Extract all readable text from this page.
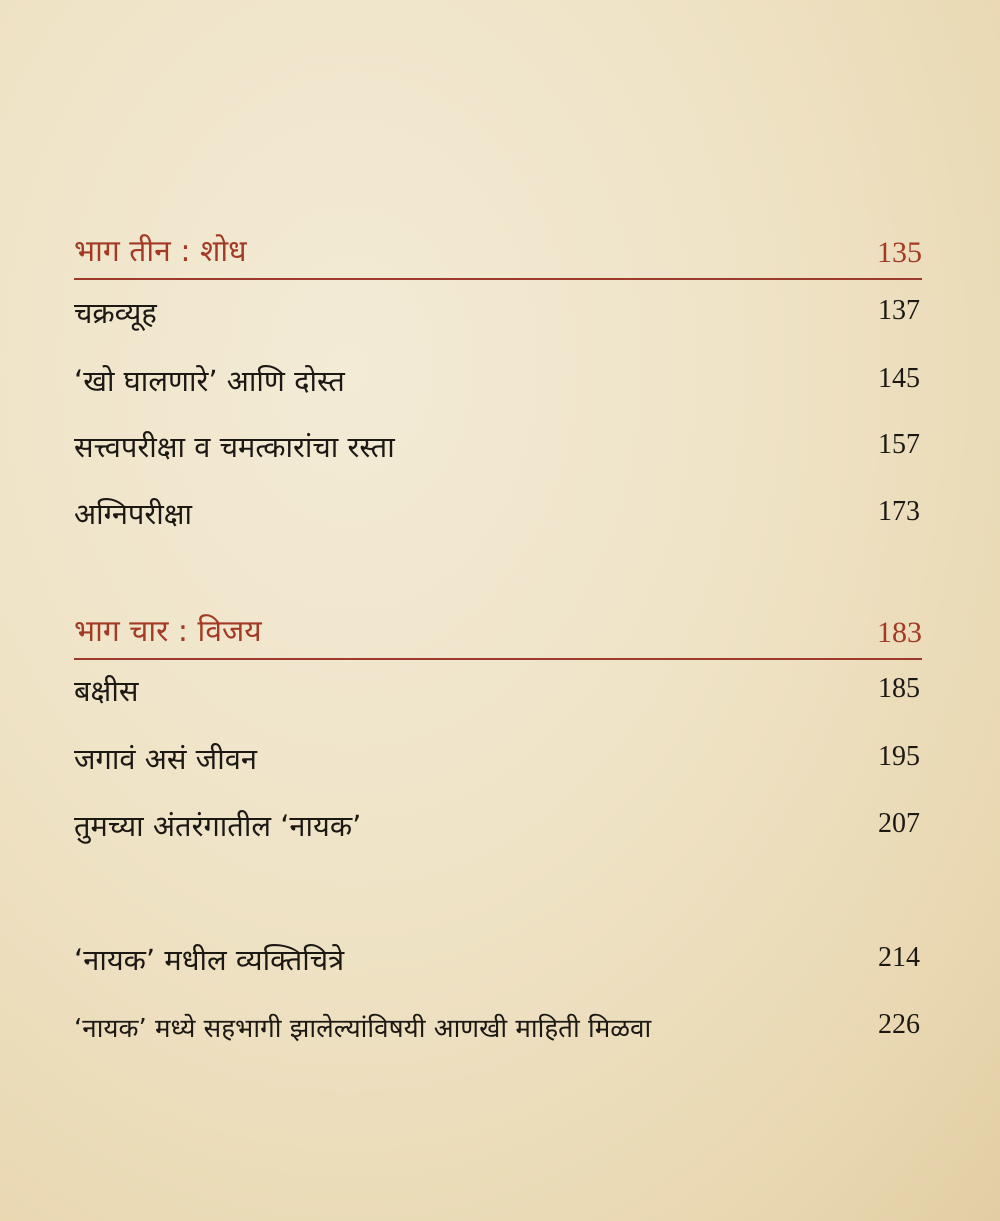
भाग तीन : शोध	135
चक्रव्यूह	137
‘खो घालणारे’ आणि दोस्त	145
सत्त्वपरीक्षा व चमत्कारांचा रस्ता	157
अग्निपरीक्षा	173
भाग चार : विजय	183
बक्षीस	185
जगावं असं जीवन	195
तुमच्या अंतरंगातील ‘नायक’	207
‘नायक’ मधील व्यक्तिचित्रे	214
‘नायक’ मध्ये सहभागी झालेल्यांविषयी आणखी माहिती मिळवा	226
